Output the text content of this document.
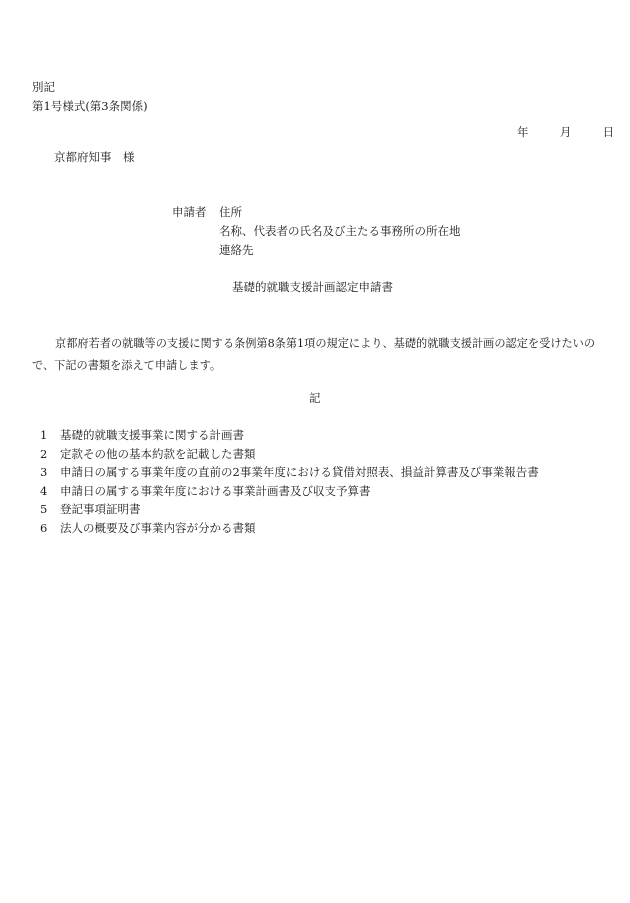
別記
第1号様式(第3条関係)
年	月	日
京都府知事　様
申請者 住所
名称、代表者の氏名及び主たる事務所の所在地
連絡先
基礎的就職支援計画認定申請書
京都府若者の就職等の支援に関する条例第8条第1項の規定により、基礎的就職支援計画の認定を受けたいので、下記の書類を添えて申請します。
記
1 基礎的就職支援事業に関する計画書
2 定款その他の基本約款を記載した書類
3 申請日の属する事業年度の直前の2事業年度における貸借対照表、損益計算書及び事業報告書
4 申請日の属する事業年度における事業計画書及び収支予算書
5 登記事項証明書
6 法人の概要及び事業内容が分かる書類
